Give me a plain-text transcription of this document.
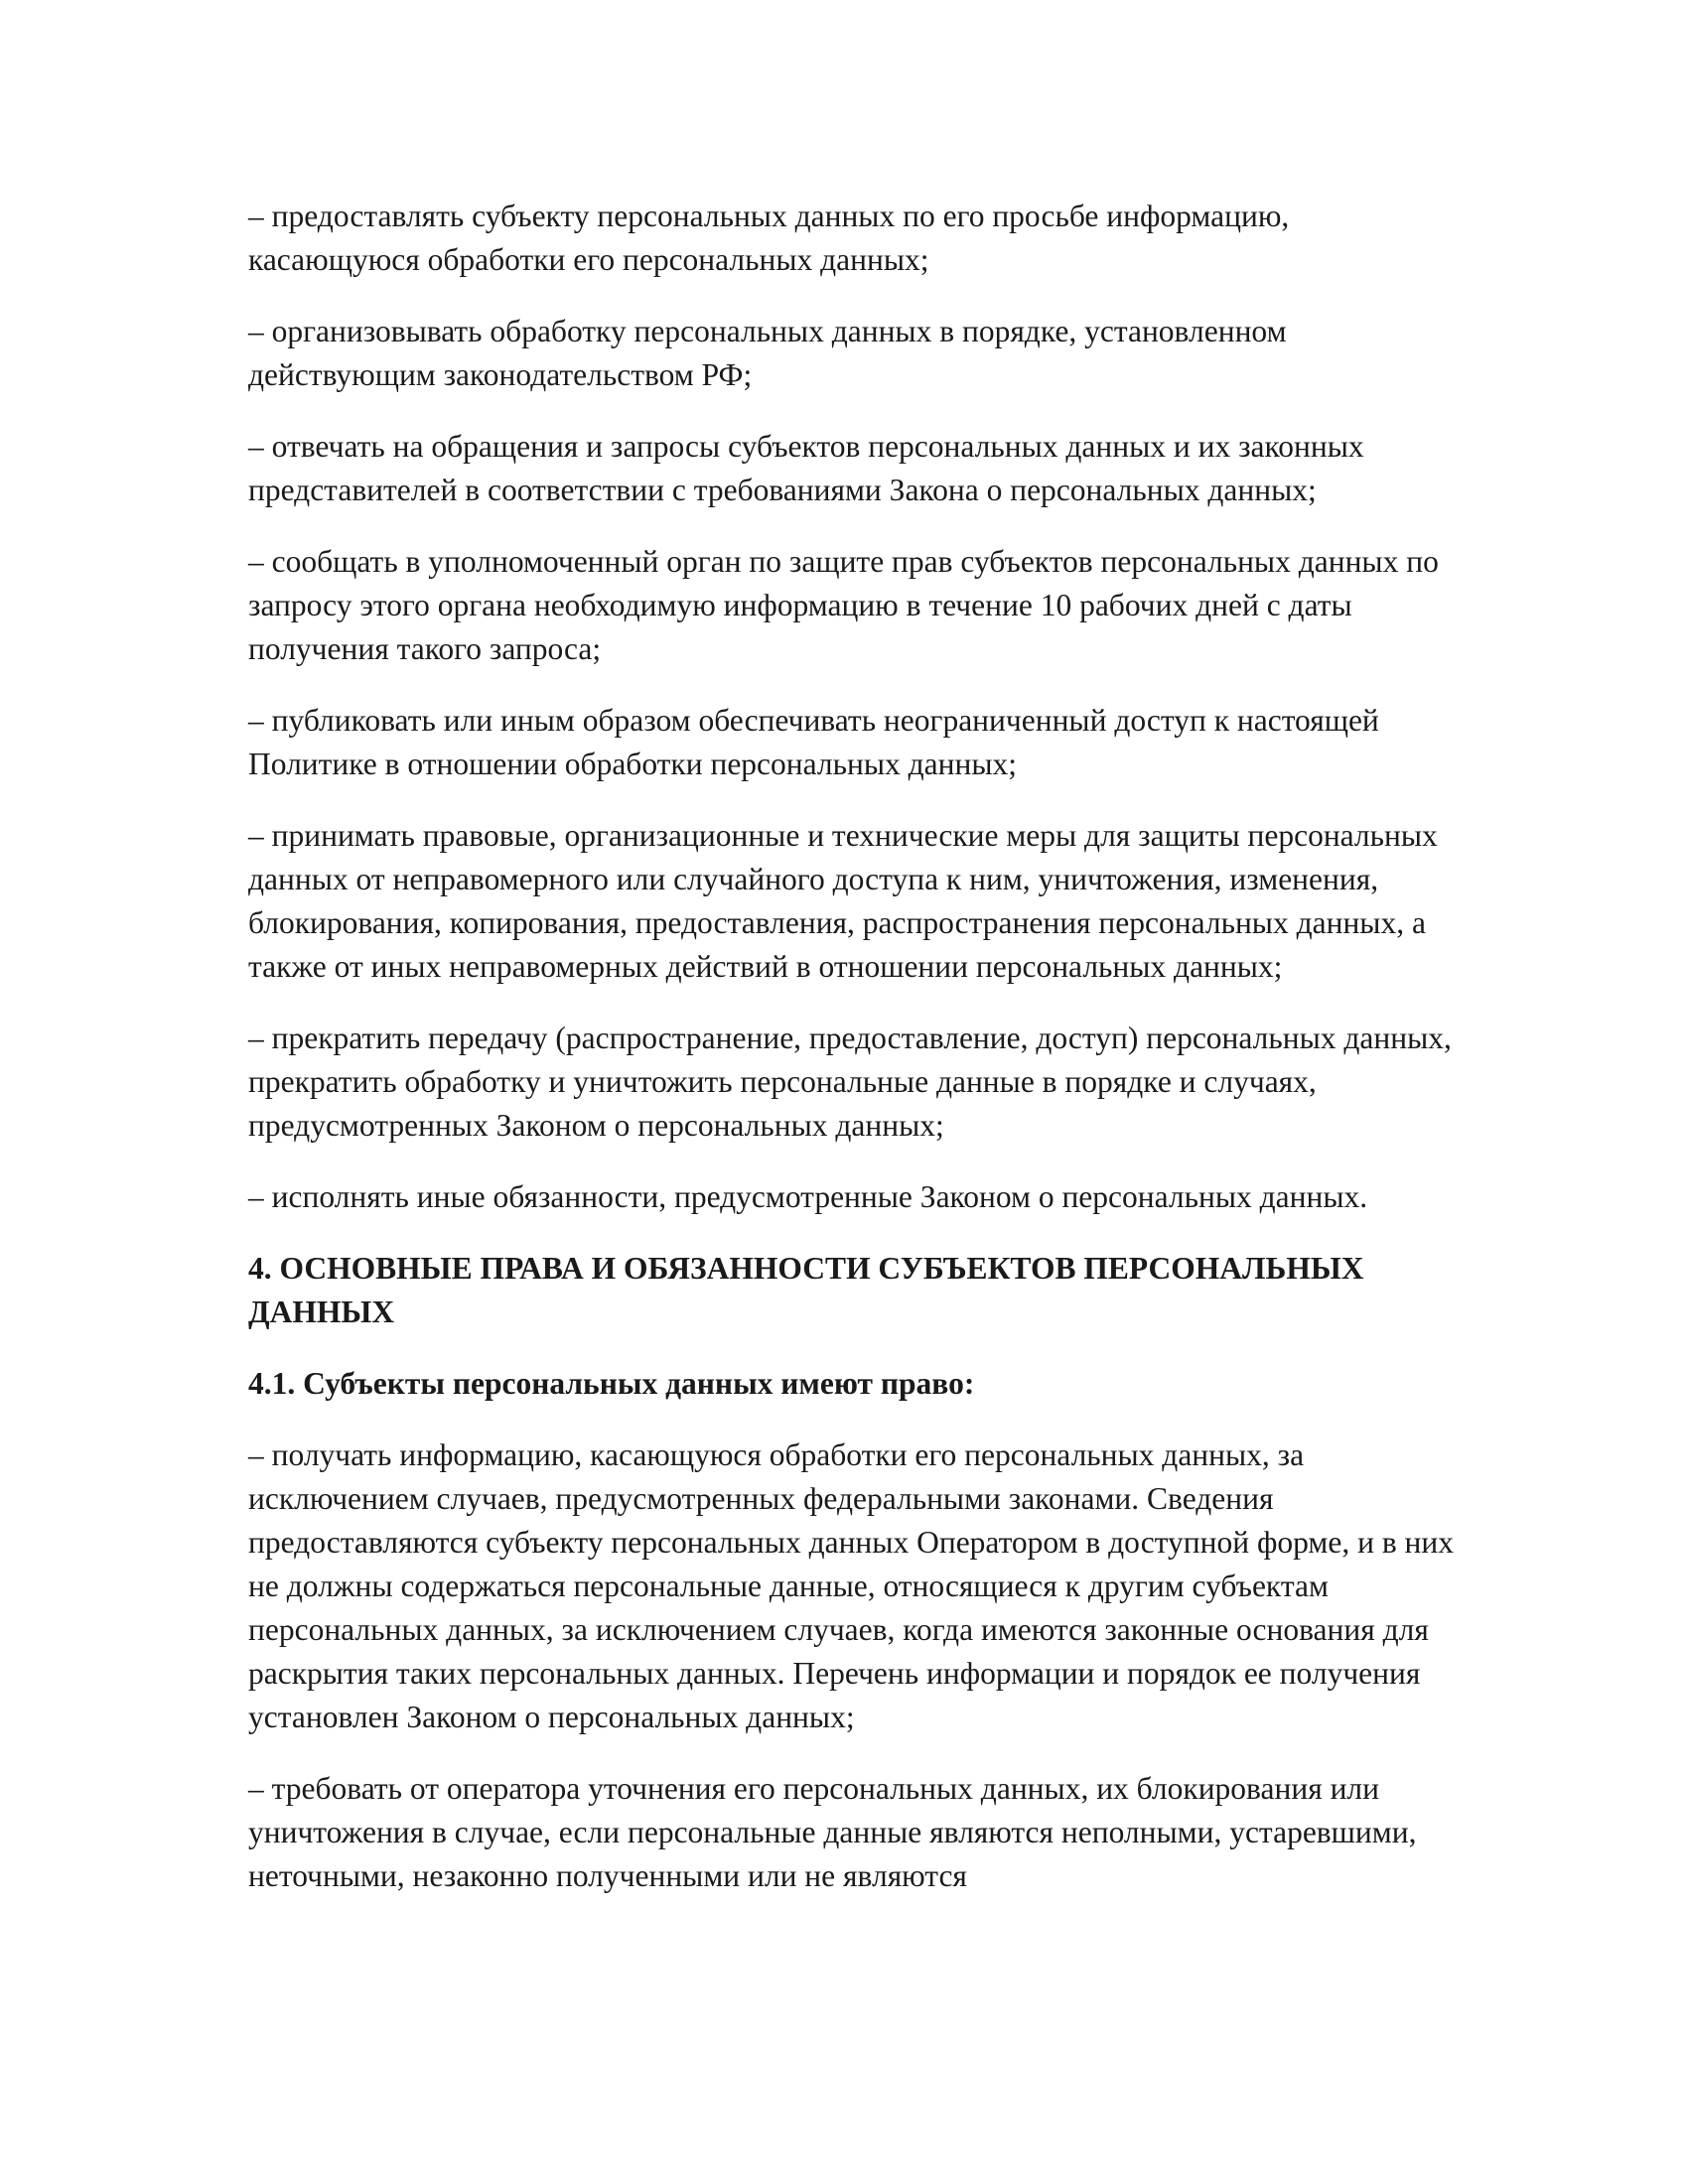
– предоставлять субъекту персональных данных по его просьбе информацию, касающуюся обработки его персональных данных;

– организовывать обработку персональных данных в порядке, установленном действующим законодательством РФ;

– отвечать на обращения и запросы субъектов персональных данных и их законных представителей в соответствии с требованиями Закона о персональных данных;

– сообщать в уполномоченный орган по защите прав субъектов персональных данных по запросу этого органа необходимую информацию в течение 10 рабочих дней с даты получения такого запроса;

– публиковать или иным образом обеспечивать неограниченный доступ к настоящей Политике в отношении обработки персональных данных;

– принимать правовые, организационные и технические меры для защиты персональных данных от неправомерного или случайного доступа к ним, уничтожения, изменения, блокирования, копирования, предоставления, распространения персональных данных, а также от иных неправомерных действий в отношении персональных данных;

– прекратить передачу (распространение, предоставление, доступ) персональных данных, прекратить обработку и уничтожить персональные данные в порядке и случаях, предусмотренных Законом о персональных данных;

– исполнять иные обязанности, предусмотренные Законом о персональных данных.

4. ОСНОВНЫЕ ПРАВА И ОБЯЗАННОСТИ СУБЪЕКТОВ ПЕРСОНАЛЬНЫХ ДАННЫХ

4.1. Субъекты персональных данных имеют право:

– получать информацию, касающуюся обработки его персональных данных, за исключением случаев, предусмотренных федеральными законами. Сведения предоставляются субъекту персональных данных Оператором в доступной форме, и в них не должны содержаться персональные данные, относящиеся к другим субъектам персональных данных, за исключением случаев, когда имеются законные основания для раскрытия таких персональных данных. Перечень информации и порядок ее получения установлен Законом о персональных данных;

– требовать от оператора уточнения его персональных данных, их блокирования или уничтожения в случае, если персональные данные являются неполными, устаревшими, неточными, незаконно полученными или не являются
